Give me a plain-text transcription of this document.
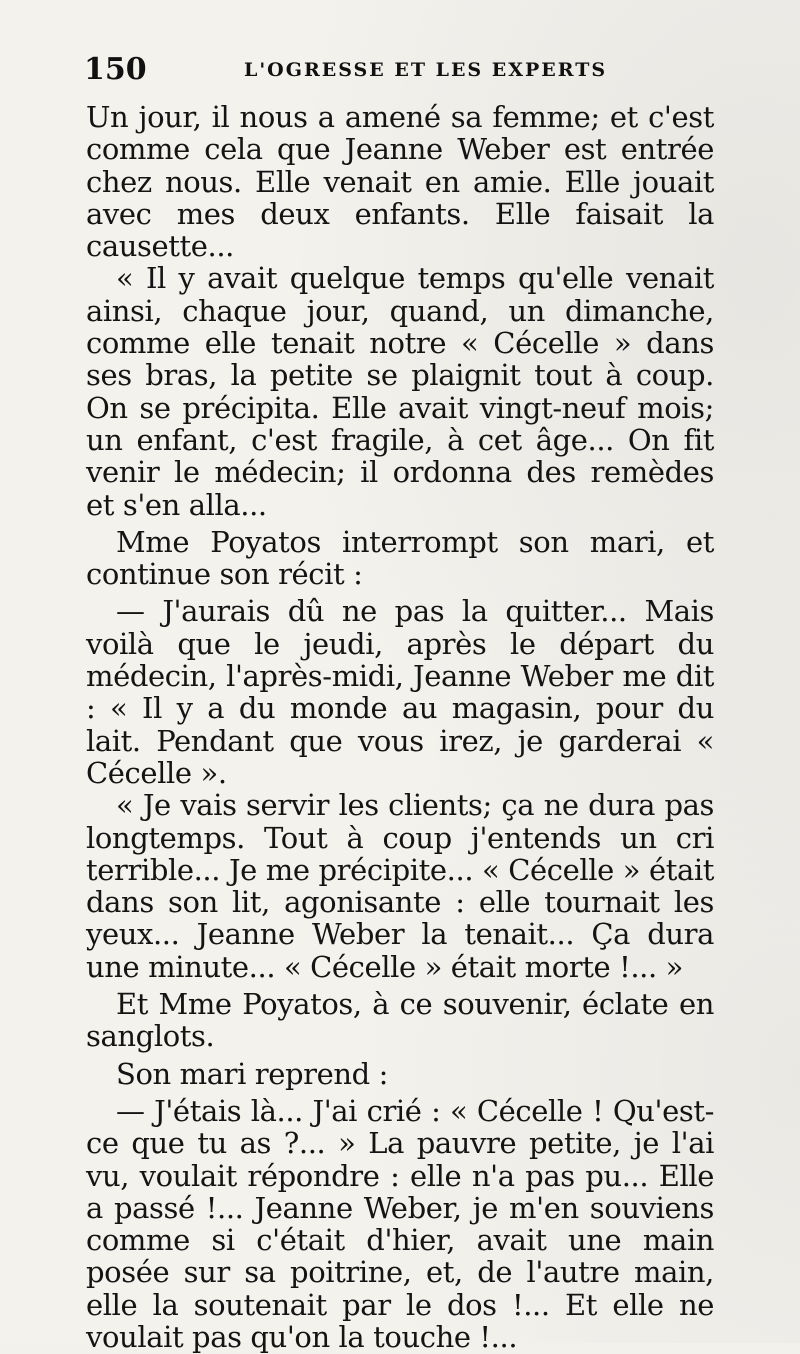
150	L'OGRESSE ET LES EXPERTS

Un jour, il nous a amené sa femme; et c'est comme cela que Jeanne Weber est entrée chez nous. Elle venait en amie. Elle jouait avec mes deux enfants. Elle faisait la causette...

« Il y avait quelque temps qu'elle venait ainsi, chaque jour, quand, un dimanche, comme elle tenait notre « Cécelle » dans ses bras, la petite se plaignit tout à coup. On se précipita. Elle avait vingt-neuf mois; un enfant, c'est fragile, à cet âge... On fit venir le médecin; il ordonna des remèdes et s'en alla...

Mme Poyatos interrompt son mari, et continue son récit :

— J'aurais dû ne pas la quitter... Mais voilà que le jeudi, après le départ du médecin, l'après-midi, Jeanne Weber me dit : « Il y a du monde au magasin, pour du lait. Pendant que vous irez, je garderai « Cécelle ».

« Je vais servir les clients; ça ne dura pas longtemps. Tout à coup j'entends un cri terrible... Je me précipite... « Cécelle » était dans son lit, agonisante : elle tournait les yeux... Jeanne Weber la tenait... Ça dura une minute... « Cécelle » était morte !... »

Et Mme Poyatos, à ce souvenir, éclate en sanglots.

Son mari reprend :

— J'étais là... J'ai crié : « Cécelle ! Qu'est-ce que tu as ?... » La pauvre petite, je l'ai vu, voulait répondre : elle n'a pas pu... Elle a passé !... Jeanne Weber, je m'en souviens comme si c'était d'hier, avait une main posée sur sa poitrine, et, de l'autre main, elle la soutenait par le dos !... Et elle ne voulait pas qu'on la touche !...
